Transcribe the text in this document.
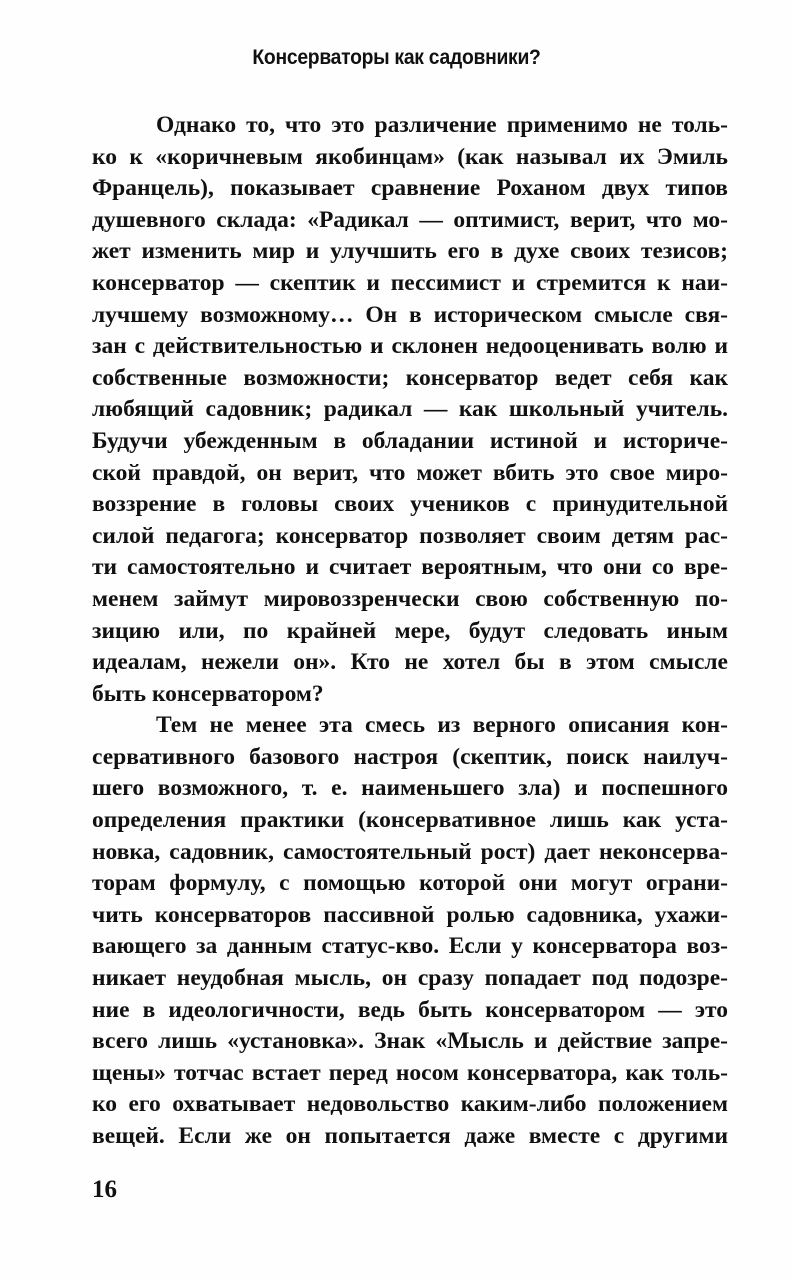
Консерваторы как садовники?
Однако то, что это различение применимо не толь-
ко к «коричневым якобинцам» (как называл их Эмиль
Францель), показывает сравнение Роханом двух типов
душевного склада: «Радикал — оптимист, верит, что мо-
жет изменить мир и улучшить его в духе своих тезисов;
консерватор — скептик и пессимист и стремится к наи-
лучшему возможному… Он в историческом смысле свя-
зан с действительностью и склонен недооценивать волю и
собственные возможности; консерватор ведет себя как
любящий садовник; радикал — как школьный учитель.
Будучи убежденным в обладании истиной и историче-
ской правдой, он верит, что может вбить это свое миро-
воззрение в головы своих учеников с принудительной
силой педагога; консерватор позволяет своим детям рас-
ти самостоятельно и считает вероятным, что они со вре-
менем займут мировоззренчески свою собственную по-
зицию или, по крайней мере, будут следовать иным
идеалам, нежели он». Кто не хотел бы в этом смысле
быть консерватором?
Тем не менее эта смесь из верного описания кон-
сервативного базового настроя (скептик, поиск наилуч-
шего возможного, т. е. наименьшего зла) и поспешного
определения практики (консервативное лишь как уста-
новка, садовник, самостоятельный рост) дает неконсерва-
торам формулу, с помощью которой они могут ограни-
чить консерваторов пассивной ролью садовника, ухажи-
вающего за данным статус-кво. Если у консерватора воз-
никает неудобная мысль, он сразу попадает под подозре-
ние в идеологичности, ведь быть консерватором — это
всего лишь «установка». Знак «Мысль и действие запре-
щены» тотчас встает перед носом консерватора, как толь-
ко его охватывает недовольство каким-либо положением
вещей. Если же он попытается даже вместе с другими
16
